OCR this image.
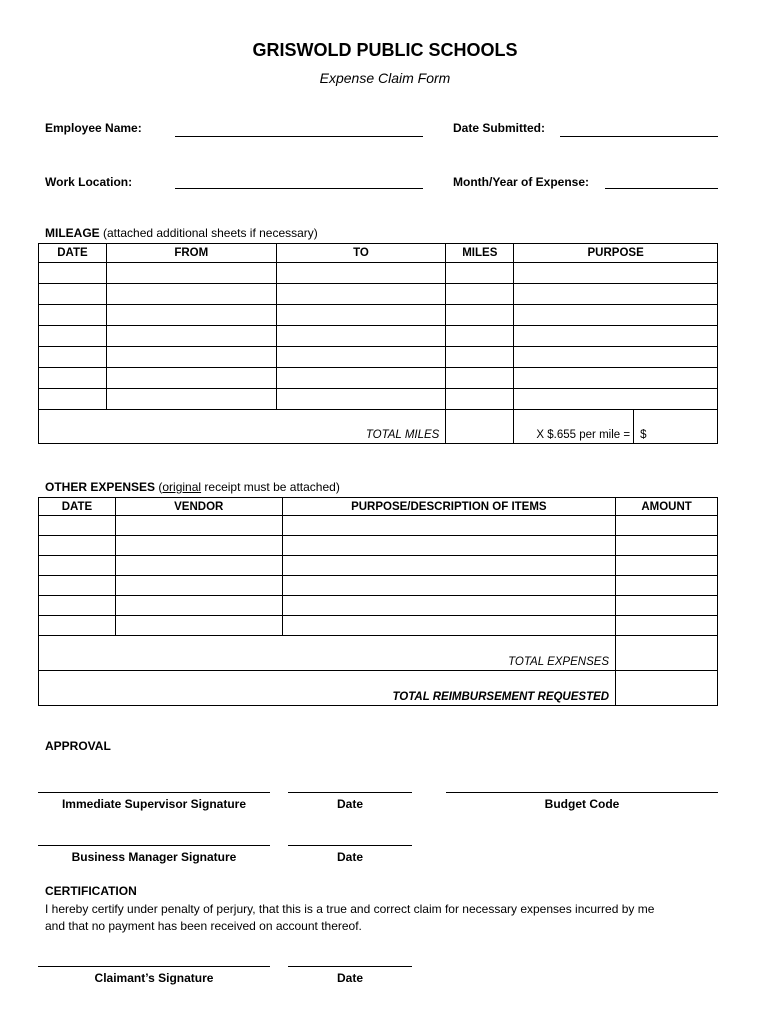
GRISWOLD PUBLIC SCHOOLS
Expense Claim Form
Employee Name:	Date Submitted:
Work Location:	Month/Year of Expense:
MILEAGE (attached additional sheets if necessary)
DATE	FROM	TO	MILES	PURPOSE	

TOTAL MILES				X $.655 per mile =	$
OTHER EXPENSES (original receipt must be attached)
DATE	VENDOR	PURPOSE/DESCRIPTION OF ITEMS	AMOUNT

TOTAL EXPENSES			
TOTAL REIMBURSEMENT REQUESTED			
APPROVAL
Immediate Supervisor Signature	Date	Budget Code
Business Manager Signature	Date
CERTIFICATION
I hereby certify under penalty of perjury, that this is a true and correct claim for necessary expenses incurred by me
and that no payment has been received on account thereof.
Claimant’s Signature	Date
